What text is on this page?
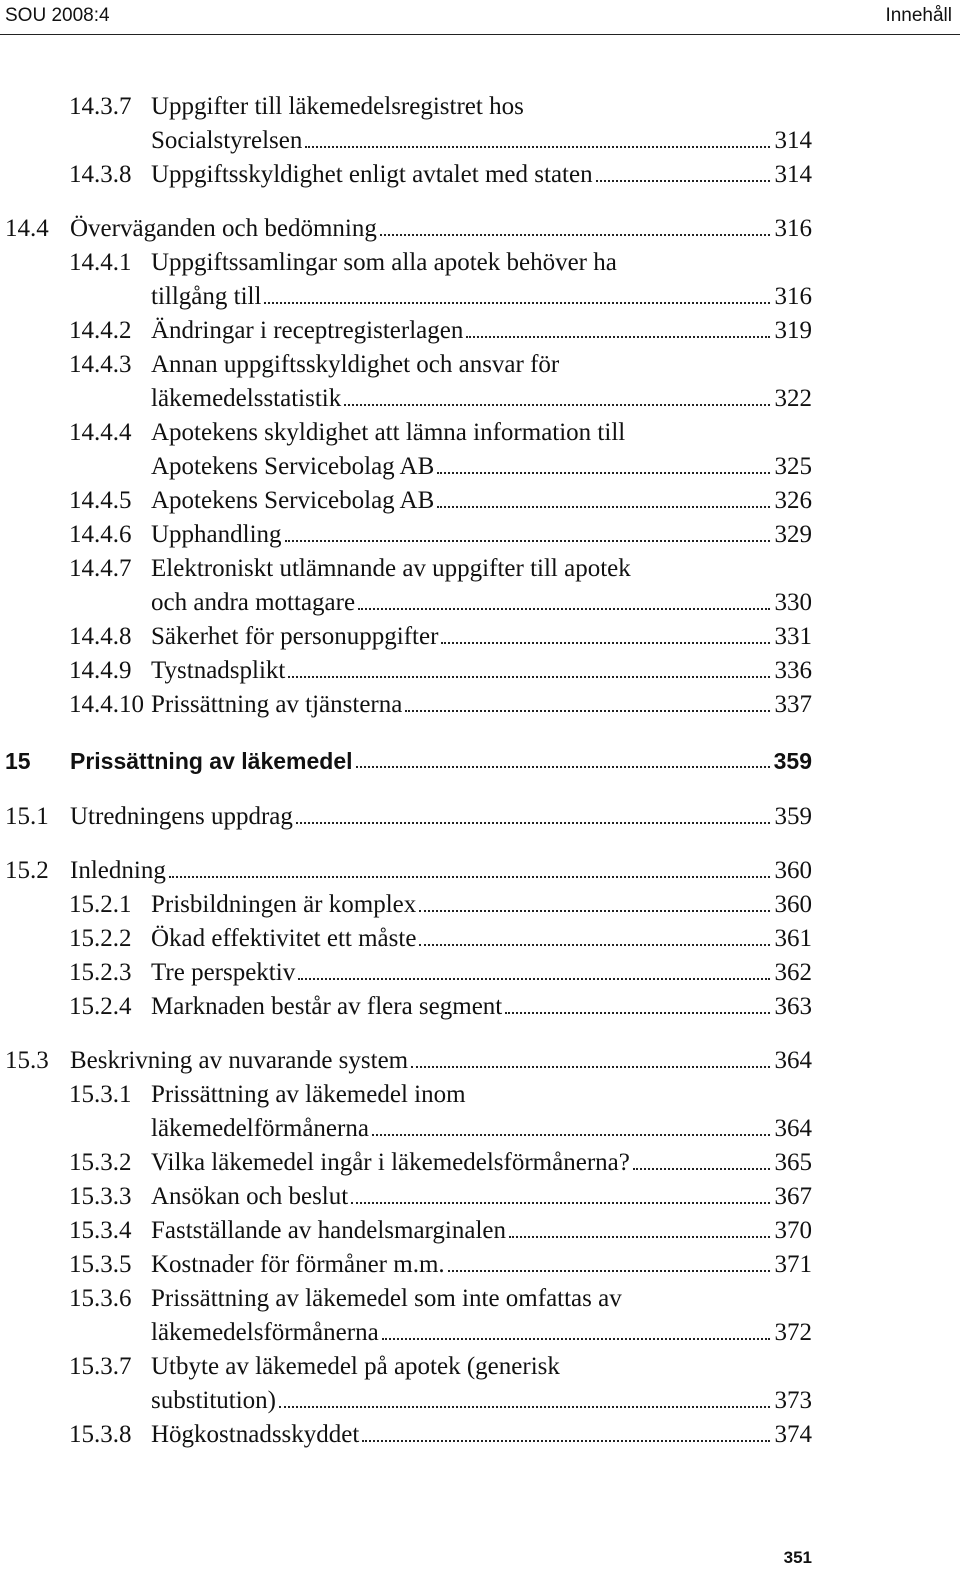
SOU 2008:4	Innehåll
14.3.7 Uppgifter till läkemedelsregistret hos
Socialstyrelsen	314
14.3.8 Uppgiftsskyldighet enligt avtalet med staten	314
14.4 Överväganden och bedömning	316
14.4.1 Uppgiftssamlingar som alla apotek behöver ha
tillgång till	316
14.4.2 Ändringar i receptregisterlagen	319
14.4.3 Annan uppgiftsskyldighet och ansvar för
läkemedelsstatistik	322
14.4.4 Apotekens skyldighet att lämna information till
Apotekens Servicebolag AB	325
14.4.5 Apotekens Servicebolag AB	326
14.4.6 Upphandling	329
14.4.7 Elektroniskt utlämnande av uppgifter till apotek
och andra mottagare	330
14.4.8 Säkerhet för personuppgifter	331
14.4.9 Tystnadsplikt	336
14.4.10 Prissättning av tjänsterna	337
15 Prissättning av läkemedel	359
15.1 Utredningens uppdrag	359
15.2 Inledning	360
15.2.1 Prisbildningen är komplex	360
15.2.2 Ökad effektivitet ett måste	361
15.2.3 Tre perspektiv	362
15.2.4 Marknaden består av flera segment	363
15.3 Beskrivning av nuvarande system	364
15.3.1 Prissättning av läkemedel inom
läkemedelförmånerna	364
15.3.2 Vilka läkemedel ingår i läkemedelsförmånerna?	365
15.3.3 Ansökan och beslut	367
15.3.4 Fastställande av handelsmarginalen	370
15.3.5 Kostnader för förmåner m.m.	371
15.3.6 Prissättning av läkemedel som inte omfattas av
läkemedelsförmånerna	372
15.3.7 Utbyte av läkemedel på apotek (generisk
substitution)	373
15.3.8 Högkostnadsskyddet	374
351
